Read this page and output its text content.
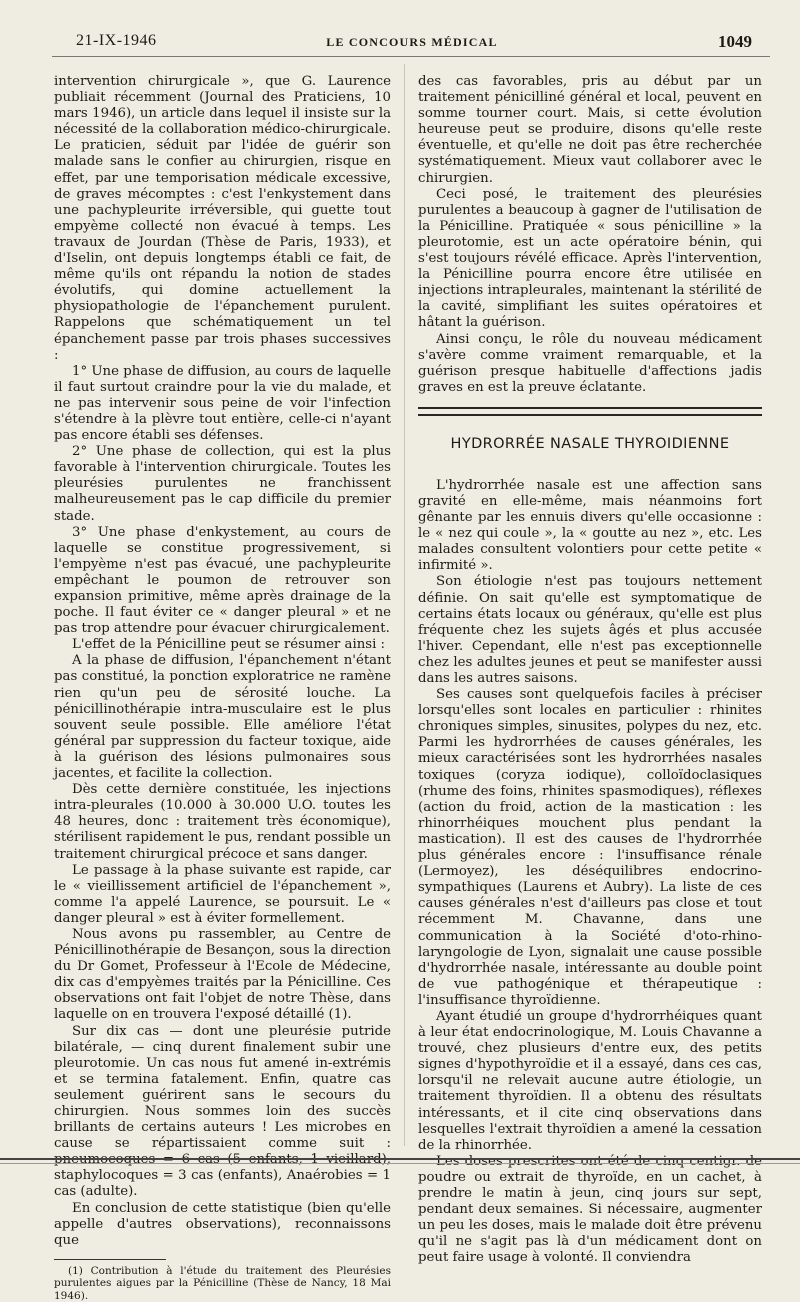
21-IX-1946	LE CONCOURS MÉDICAL	1049

intervention chirurgicale », que G. Laurence publiait récemment (Journal des Praticiens, 10 mars 1946), un article dans lequel il insiste sur la nécessité de la collaboration médico-chirurgicale. Le praticien, séduit par l'idée de guérir son malade sans le confier au chirurgien, risque en effet, par une temporisation médicale excessive, de graves mécomptes : c'est l'enkystement dans une pachypleurite irréversible, qui guette tout empyème collecté non évacué à temps. Les travaux de Jourdan (Thèse de Paris, 1933), et d'Iselin, ont depuis longtemps établi ce fait, de même qu'ils ont répandu la notion de stades évolutifs, qui domine actuellement la physiopathologie de l'épanchement purulent. Rappelons que schématiquement un tel épanchement passe par trois phases successives :

1° Une phase de diffusion, au cours de laquelle il faut surtout craindre pour la vie du malade, et ne pas intervenir sous peine de voir l'infection s'étendre à la plèvre tout entière, celle-ci n'ayant pas encore établi ses défenses.

2° Une phase de collection, qui est la plus favorable à l'intervention chirurgicale. Toutes les pleurésies purulentes ne franchissent malheureusement pas le cap difficile du premier stade.

3° Une phase d'enkystement, au cours de laquelle se constitue progressivement, si l'empyème n'est pas évacué, une pachypleurite empêchant le poumon de retrouver son expansion primitive, même après drainage de la poche. Il faut éviter ce « danger pleural » et ne pas trop attendre pour évacuer chirurgicalement.

L'effet de la Pénicilline peut se résumer ainsi :

A la phase de diffusion, l'épanchement n'étant pas constitué, la ponction exploratrice ne ramène rien qu'un peu de sérosité louche. La pénicillinothérapie intra-musculaire est le plus souvent seule possible. Elle améliore l'état général par suppression du facteur toxique, aide à la guérison des lésions pulmonaires sous jacentes, et facilite la collection.

Dès cette dernière constituée, les injections intra-pleurales (10.000 à 30.000 U.O. toutes les 48 heures, donc : traitement très économique), stérilisent rapidement le pus, rendant possible un traitement chirurgical précoce et sans danger.

Le passage à la phase suivante est rapide, car le « vieillissement artificiel de l'épanchement », comme l'a appelé Laurence, se poursuit. Le « danger pleural » est à éviter formellement.

Nous avons pu rassembler, au Centre de Pénicillinothérapie de Besançon, sous la direction du Dr Gomet, Professeur à l'Ecole de Médecine, dix cas d'empyèmes traités par la Pénicilline. Ces observations ont fait l'objet de notre Thèse, dans laquelle on en trouvera l'exposé détaillé (1).

Sur dix cas — dont une pleurésie putride bilatérale, — cinq durent finalement subir une pleurotomie. Un cas nous fut amené in-extrémis et se termina fatalement. Enfin, quatre cas seulement guérirent sans le secours du chirurgien. Nous sommes loin des succès brillants de certains auteurs ! Les microbes en cause se répartissaient comme suit : pneumocoques = 6 cas (5 enfants, 1 vieillard), staphylocoques = 3 cas (enfants), Anaérobies = 1 cas (adulte).

En conclusion de cette statistique (bien qu'elle appelle d'autres observations), reconnaissons que

(1) Contribution à l'étude du traitement des Pleurésies purulentes aigues par la Pénicilline (Thèse de Nancy, 18 Mai 1946).

des cas favorables, pris au début par un traitement pénicilliné général et local, peuvent en somme tourner court. Mais, si cette évolution heureuse peut se produire, disons qu'elle reste éventuelle, et qu'elle ne doit pas être recherchée systématiquement. Mieux vaut collaborer avec le chirurgien.

Ceci posé, le traitement des pleurésies purulentes a beaucoup à gagner de l'utilisation de la Pénicilline. Pratiquée « sous pénicilline » la pleurotomie, est un acte opératoire bénin, qui s'est toujours révélé efficace. Après l'intervention, la Pénicilline pourra encore être utilisée en injections intrapleurales, maintenant la stérilité de la cavité, simplifiant les suites opératoires et hâtant la guérison.

Ainsi conçu, le rôle du nouveau médicament s'avère comme vraiment remarquable, et la guérison presque habituelle d'affections jadis graves en est la preuve éclatante.

HYDRORRÉE NASALE THYROIDIENNE

L'hydrorrhée nasale est une affection sans gravité en elle-même, mais néanmoins fort gênante par les ennuis divers qu'elle occasionne : le « nez qui coule », la « goutte au nez », etc. Les malades consultent volontiers pour cette petite « infirmité ».

Son étiologie n'est pas toujours nettement définie. On sait qu'elle est symptomatique de certains états locaux ou généraux, qu'elle est plus fréquente chez les sujets âgés et plus accusée l'hiver. Cependant, elle n'est pas exceptionnelle chez les adultes jeunes et peut se manifester aussi dans les autres saisons.

Ses causes sont quelquefois faciles à préciser lorsqu'elles sont locales en particulier : rhinites chroniques simples, sinusites, polypes du nez, etc. Parmi les hydrorrhées de causes générales, les mieux caractérisées sont les hydrorrhées nasales toxiques (coryza iodique), colloïdoclasiques (rhume des foins, rhinites spasmodiques), réflexes (action du froid, action de la mastication : les rhinorrhéiques mouchent plus pendant la mastication). Il est des causes de l'hydrorrhée plus générales encore : l'insuffisance rénale (Lermoyez), les déséquilibres endocrino-sympathiques (Laurens et Aubry). La liste de ces causes générales n'est d'ailleurs pas close et tout récemment M. Chavanne, dans une communication à la Société d'oto-rhino-laryngologie de Lyon, signalait une cause possible d'hydrorrhée nasale, intéressante au double point de vue pathogénique et thérapeutique : l'insuffisance thyroïdienne.

Ayant étudié un groupe d'hydrorrhéiques quant à leur état endocrinologique, M. Louis Chavanne a trouvé, chez plusieurs d'entre eux, des petits signes d'hypothyroïdie et il a essayé, dans ces cas, lorsqu'il ne relevait aucune autre étiologie, un traitement thyroïdien. Il a obtenu des résultats intéressants, et il cite cinq observations dans lesquelles l'extrait thyroïdien a amené la cessation de la rhinorrhée.

Les doses prescrites ont été de cinq centigr. de poudre ou extrait de thyroïde, en un cachet, à prendre le matin à jeun, cinq jours sur sept, pendant deux semaines. Si nécessaire, augmenter un peu les doses, mais le malade doit être prévenu qu'il ne s'agit pas là d'un médicament dont on peut faire usage à volonté. Il conviendra
